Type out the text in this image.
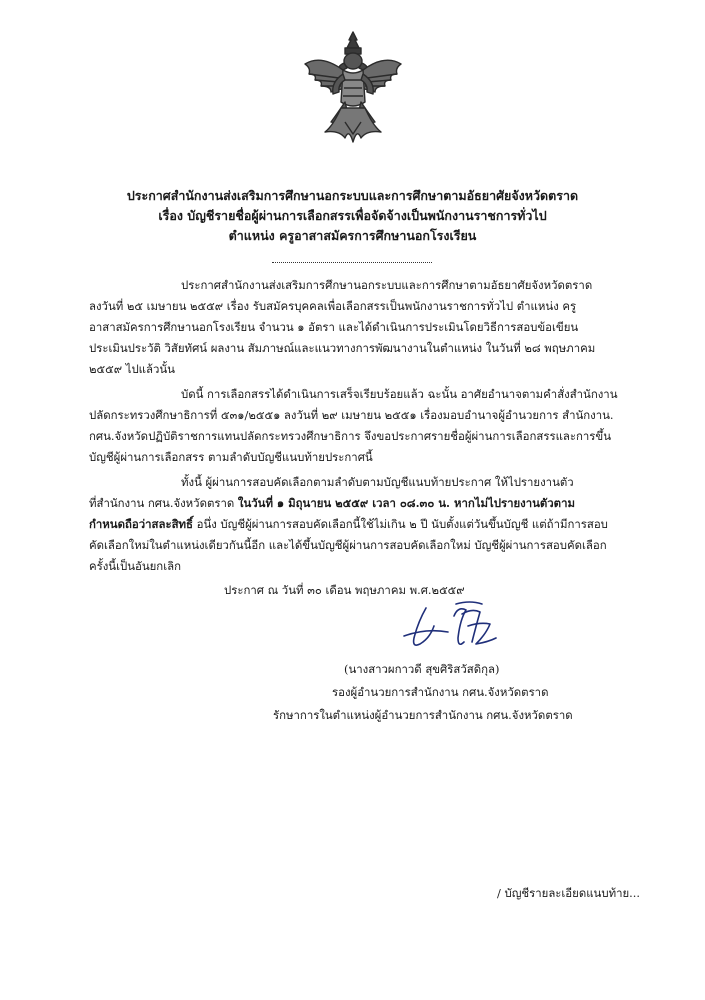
ประกาศสำนักงานส่งเสริมการศึกษานอกระบบและการศึกษาตามอัธยาศัยจังหวัดตราด
เรื่อง บัญชีรายชื่อผู้ผ่านการเลือกสรรเพื่อจัดจ้างเป็นพนักงานราชการทั่วไป
ตำแหน่ง ครูอาสาสมัครการศึกษานอกโรงเรียน
ประกาศสำนักงานส่งเสริมการศึกษานอกระบบและการศึกษาตามอัธยาศัยจังหวัดตราด
ลงวันที่ ๒๕ เมษายน ๒๕๕๙ เรื่อง รับสมัครบุคคลเพื่อเลือกสรรเป็นพนักงานราชการทั่วไป ตำแหน่ง ครู
อาสาสมัครการศึกษานอกโรงเรียน จำนวน ๑ อัตรา และได้ดำเนินการประเมินโดยวิธีการสอบข้อเขียน
ประเมินประวัติ วิสัยทัศน์ ผลงาน สัมภาษณ์และแนวทางการพัฒนางานในตำแหน่ง ในวันที่ ๒๘ พฤษภาคม
๒๕๕๙ ไปแล้วนั้น
บัดนี้ การเลือกสรรได้ดำเนินการเสร็จเรียบร้อยแล้ว ฉะนั้น อาศัยอำนาจตามคำสั่งสำนักงาน
ปลัดกระทรวงศึกษาธิการที่ ๕๓๑/๒๕๕๑ ลงวันที่ ๒๙ เมษายน ๒๕๕๑ เรื่องมอบอำนาจผู้อำนวยการ สำนักงาน.
กศน.จังหวัดปฏิบัติราชการแทนปลัดกระทรวงศึกษาธิการ จึงขอประกาศรายชื่อผู้ผ่านการเลือกสรรและการขึ้น
บัญชีผู้ผ่านการเลือกสรร ตามลำดับบัญชีแนบท้ายประกาศนี้
ทั้งนี้ ผู้ผ่านการสอบคัดเลือกตามลำดับตามบัญชีแนบท้ายประกาศ ให้ไปรายงานตัว
ที่สำนักงาน กศน.จังหวัดตราด ในวันที่ ๑ มิถุนายน ๒๕๕๙ เวลา ๐๘.๓๐ น. หากไม่ไปรายงานตัวตาม
กำหนดถือว่าสละสิทธิ์ อนึ่ง บัญชีผู้ผ่านการสอบคัดเลือกนี้ใช้ไม่เกิน ๒ ปี นับตั้งแต่วันขึ้นบัญชี แต่ถ้ามีการสอบ
คัดเลือกใหม่ในตำแหน่งเดียวกันนี้อีก และได้ขึ้นบัญชีผู้ผ่านการสอบคัดเลือกใหม่ บัญชีผู้ผ่านการสอบคัดเลือก
ครั้งนี้เป็นอันยกเลิก
ประกาศ ณ วันที่ ๓๐ เดือน พฤษภาคม พ.ศ.๒๕๕๙
(นางสาวผกาวดี สุขศิริสวัสดิกุล)
รองผู้อำนวยการสำนักงาน กศน.จังหวัดตราด
รักษาการในตำแหน่งผู้อำนวยการสำนักงาน กศน.จังหวัดตราด
/ บัญชีรายละเอียดแนบท้าย...
